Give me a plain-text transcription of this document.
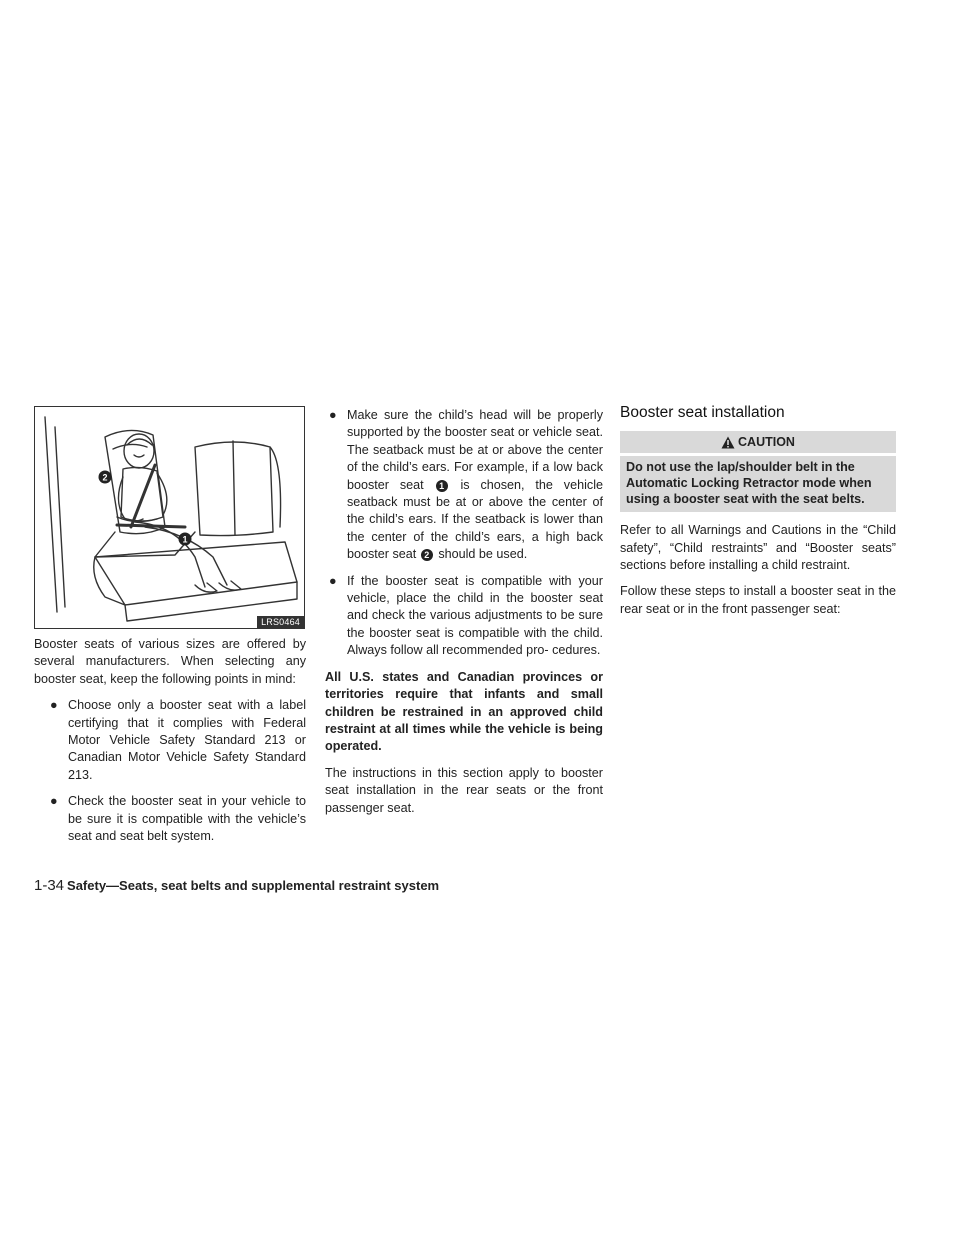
1
2
LRS0464

Booster seats of various sizes are offered by several manufacturers. When selecting any booster seat, keep the following points in mind:

● Choose only a booster seat with a label certifying that it complies with Federal Motor Vehicle Safety Standard 213 or Canadian Motor Vehicle Safety Standard 213.
● Check the booster seat in your vehicle to be sure it is compatible with the vehicle’s seat and seat belt system.
● Make sure the child’s head will be properly supported by the booster seat or vehicle seat. The seatback must be at or above the center of the child’s ears. For example, if a low back booster seat 1 is chosen, the vehicle seatback must be at or above the center of the child’s ears. If the seatback is lower than the center of the child’s ears, a high back booster seat 2 should be used.
● If the booster seat is compatible with your vehicle, place the child in the booster seat and check the various adjustments to be sure the booster seat is compatible with the child. Always follow all recommended pro- cedures.

All U.S. states and Canadian provinces or territories require that infants and small children be restrained in an approved child restraint at all times while the vehicle is being operated.

The instructions in this section apply to booster seat installation in the rear seats or the front passenger seat.

Booster seat installation
CAUTION
Do not use the lap/shoulder belt in the Automatic Locking Retractor mode when using a booster seat with the seat belts.

Refer to all Warnings and Cautions in the “Child safety”, “Child restraints” and “Booster seats” sections before installing a child restraint.

Follow these steps to install a booster seat in the rear seat or in the front passenger seat:

1-34 Safety—Seats, seat belts and supplemental restraint system
